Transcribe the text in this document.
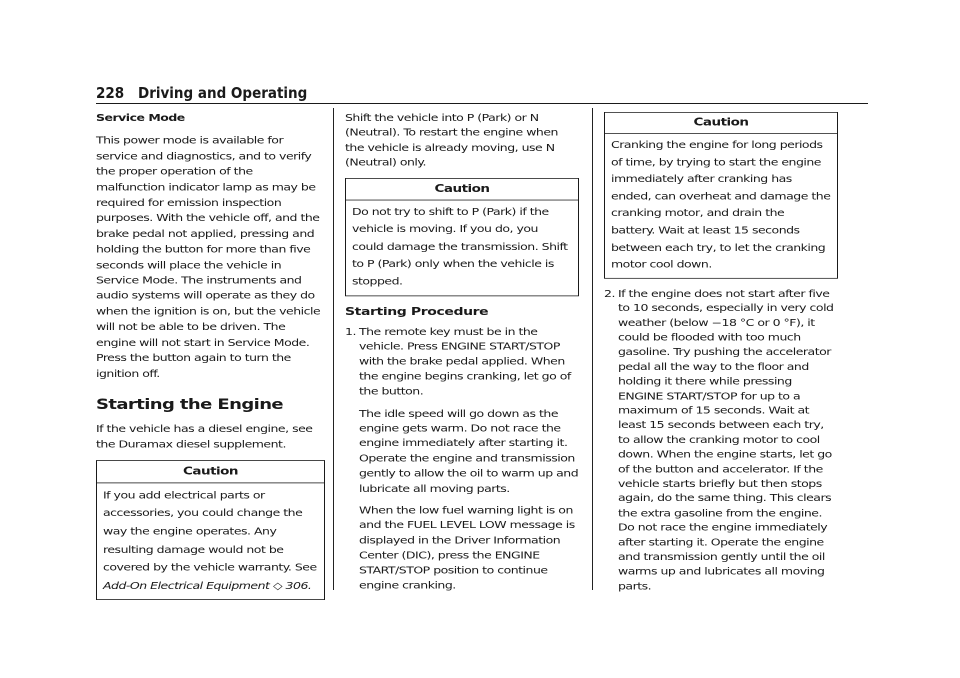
228 Driving and Operating
Service Mode

This power mode is available for service and diagnostics, and to verify the proper operation of the malfunction indicator lamp as may be required for emission inspection purposes. With the vehicle off, and the brake pedal not applied, pressing and holding the button for more than five seconds will place the vehicle in Service Mode. The instruments and audio systems will operate as they do when the ignition is on, but the vehicle will not be able to be driven. The engine will not start in Service Mode. Press the button again to turn the ignition off.

Starting the Engine

If the vehicle has a diesel engine, see the Duramax diesel supplement.

Caution
If you add electrical parts or accessories, you could change the way the engine operates. Any resulting damage would not be covered by the vehicle warranty. See Add-On Electrical Equipment ◇ 306.

Shift the vehicle into P (Park) or N (Neutral). To restart the engine when the vehicle is already moving, use N (Neutral) only.

Caution
Do not try to shift to P (Park) if the vehicle is moving. If you do, you could damage the transmission. Shift to P (Park) only when the vehicle is stopped.
Starting Procedure
1. The remote key must be in the vehicle. Press ENGINE START/STOP with the brake pedal applied. When the engine begins cranking, let go of the button.

The idle speed will go down as the engine gets warm. Do not race the engine immediately after starting it. Operate the engine and transmission gently to allow the oil to warm up and lubricate all moving parts.

When the low fuel warning light is on and the FUEL LEVEL LOW message is displayed in the Driver Information Center (DIC), press the ENGINE START/STOP position to continue engine cranking.

Caution
Cranking the engine for long periods of time, by trying to start the engine immediately after cranking has ended, can overheat and damage the cranking motor, and drain the battery. Wait at least 15 seconds between each try, to let the cranking motor cool down.
2. If the engine does not start after five to 10 seconds, especially in very cold weather (below −18 °C or 0 °F), it could be flooded with too much gasoline. Try pushing the accelerator pedal all the way to the floor and holding it there while pressing ENGINE START/STOP for up to a maximum of 15 seconds. Wait at least 15 seconds between each try, to allow the cranking motor to cool down. When the engine starts, let go of the button and accelerator. If the vehicle starts briefly but then stops again, do the same thing. This clears the extra gasoline from the engine. Do not race the engine immediately after starting it. Operate the engine and transmission gently until the oil warms up and lubricates all moving parts.
